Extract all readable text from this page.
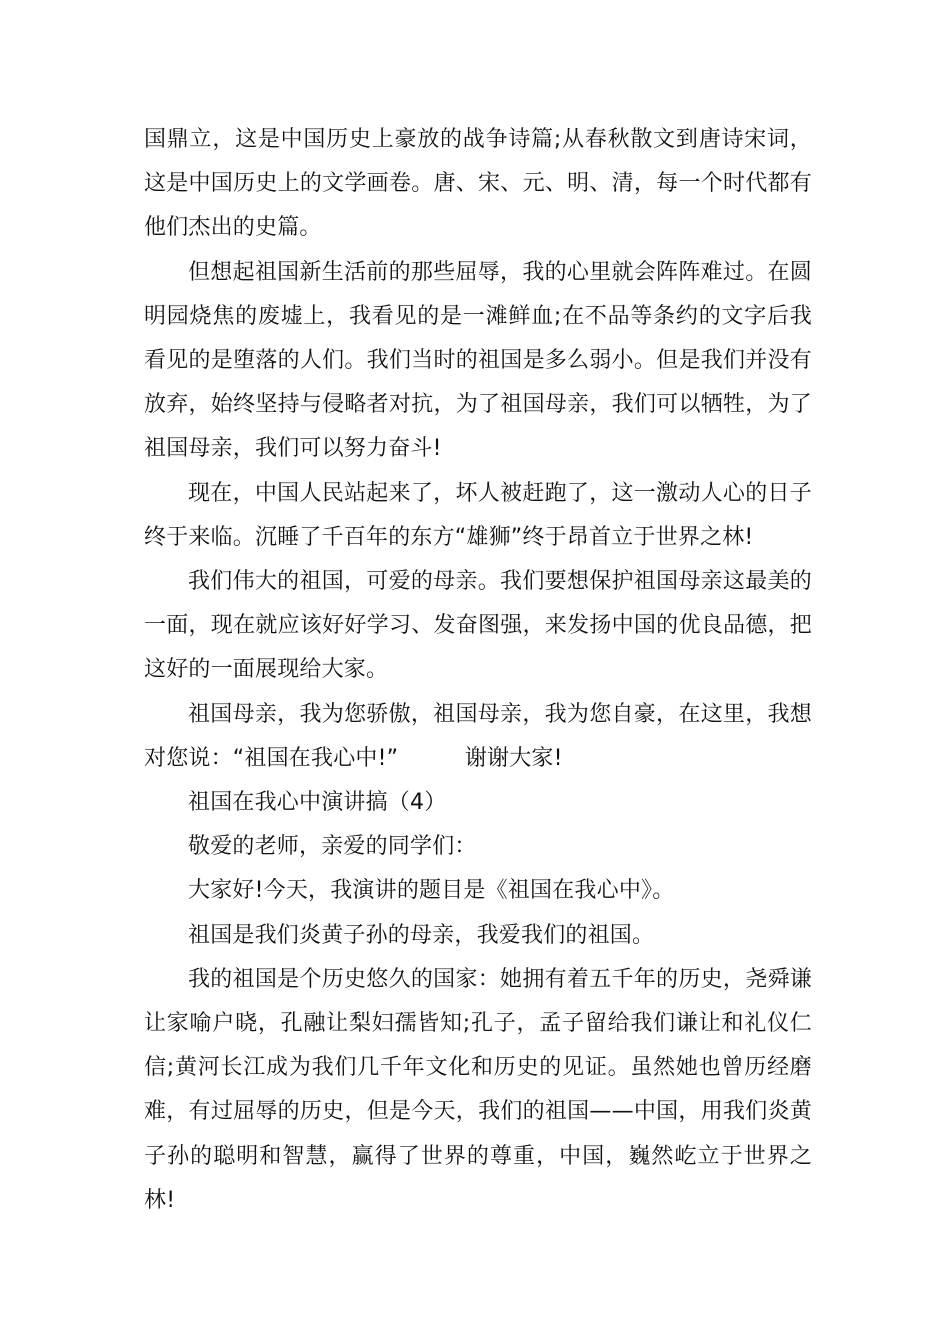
国鼎立，这是中国历史上豪放的战争诗篇;从春秋散文到唐诗宋词，这是中国历史上的文学画卷。唐、宋、元、明、清，每一个时代都有他们杰出的史篇。

但想起祖国新生活前的那些屈辱，我的心里就会阵阵难过。在圆明园烧焦的废墟上，我看见的是一滩鲜血;在不品等条约的文字后我看见的是堕落的人们。我们当时的祖国是多么弱小。但是我们并没有放弃，始终坚持与侵略者对抗，为了祖国母亲，我们可以牺牲，为了祖国母亲，我们可以努力奋斗!

现在，中国人民站起来了，坏人被赶跑了，这一激动人心的日子终于来临。沉睡了千百年的东方“雄狮”终于昂首立于世界之林!

我们伟大的祖国，可爱的母亲。我们要想保护祖国母亲这最美的一面，现在就应该好好学习、发奋图强，来发扬中国的优良品德，把这好的一面展现给大家。

祖国母亲，我为您骄傲，祖国母亲，我为您自豪，在这里，我想对您说：“祖国在我心中!”　　　谢谢大家!

祖国在我心中演讲搞（4）

敬爱的老师，亲爱的同学们：

大家好!今天，我演讲的题目是《祖国在我心中》。

祖国是我们炎黄子孙的母亲，我爱我们的祖国。

我的祖国是个历史悠久的国家：她拥有着五千年的历史，尧舜谦让家喻户晓，孔融让梨妇孺皆知;孔子，孟子留给我们谦让和礼仪仁信;黄河长江成为我们几千年文化和历史的见证。虽然她也曾历经磨难，有过屈辱的历史，但是今天，我们的祖国——中国，用我们炎黄子孙的聪明和智慧，赢得了世界的尊重，中国，巍然屹立于世界之林!
